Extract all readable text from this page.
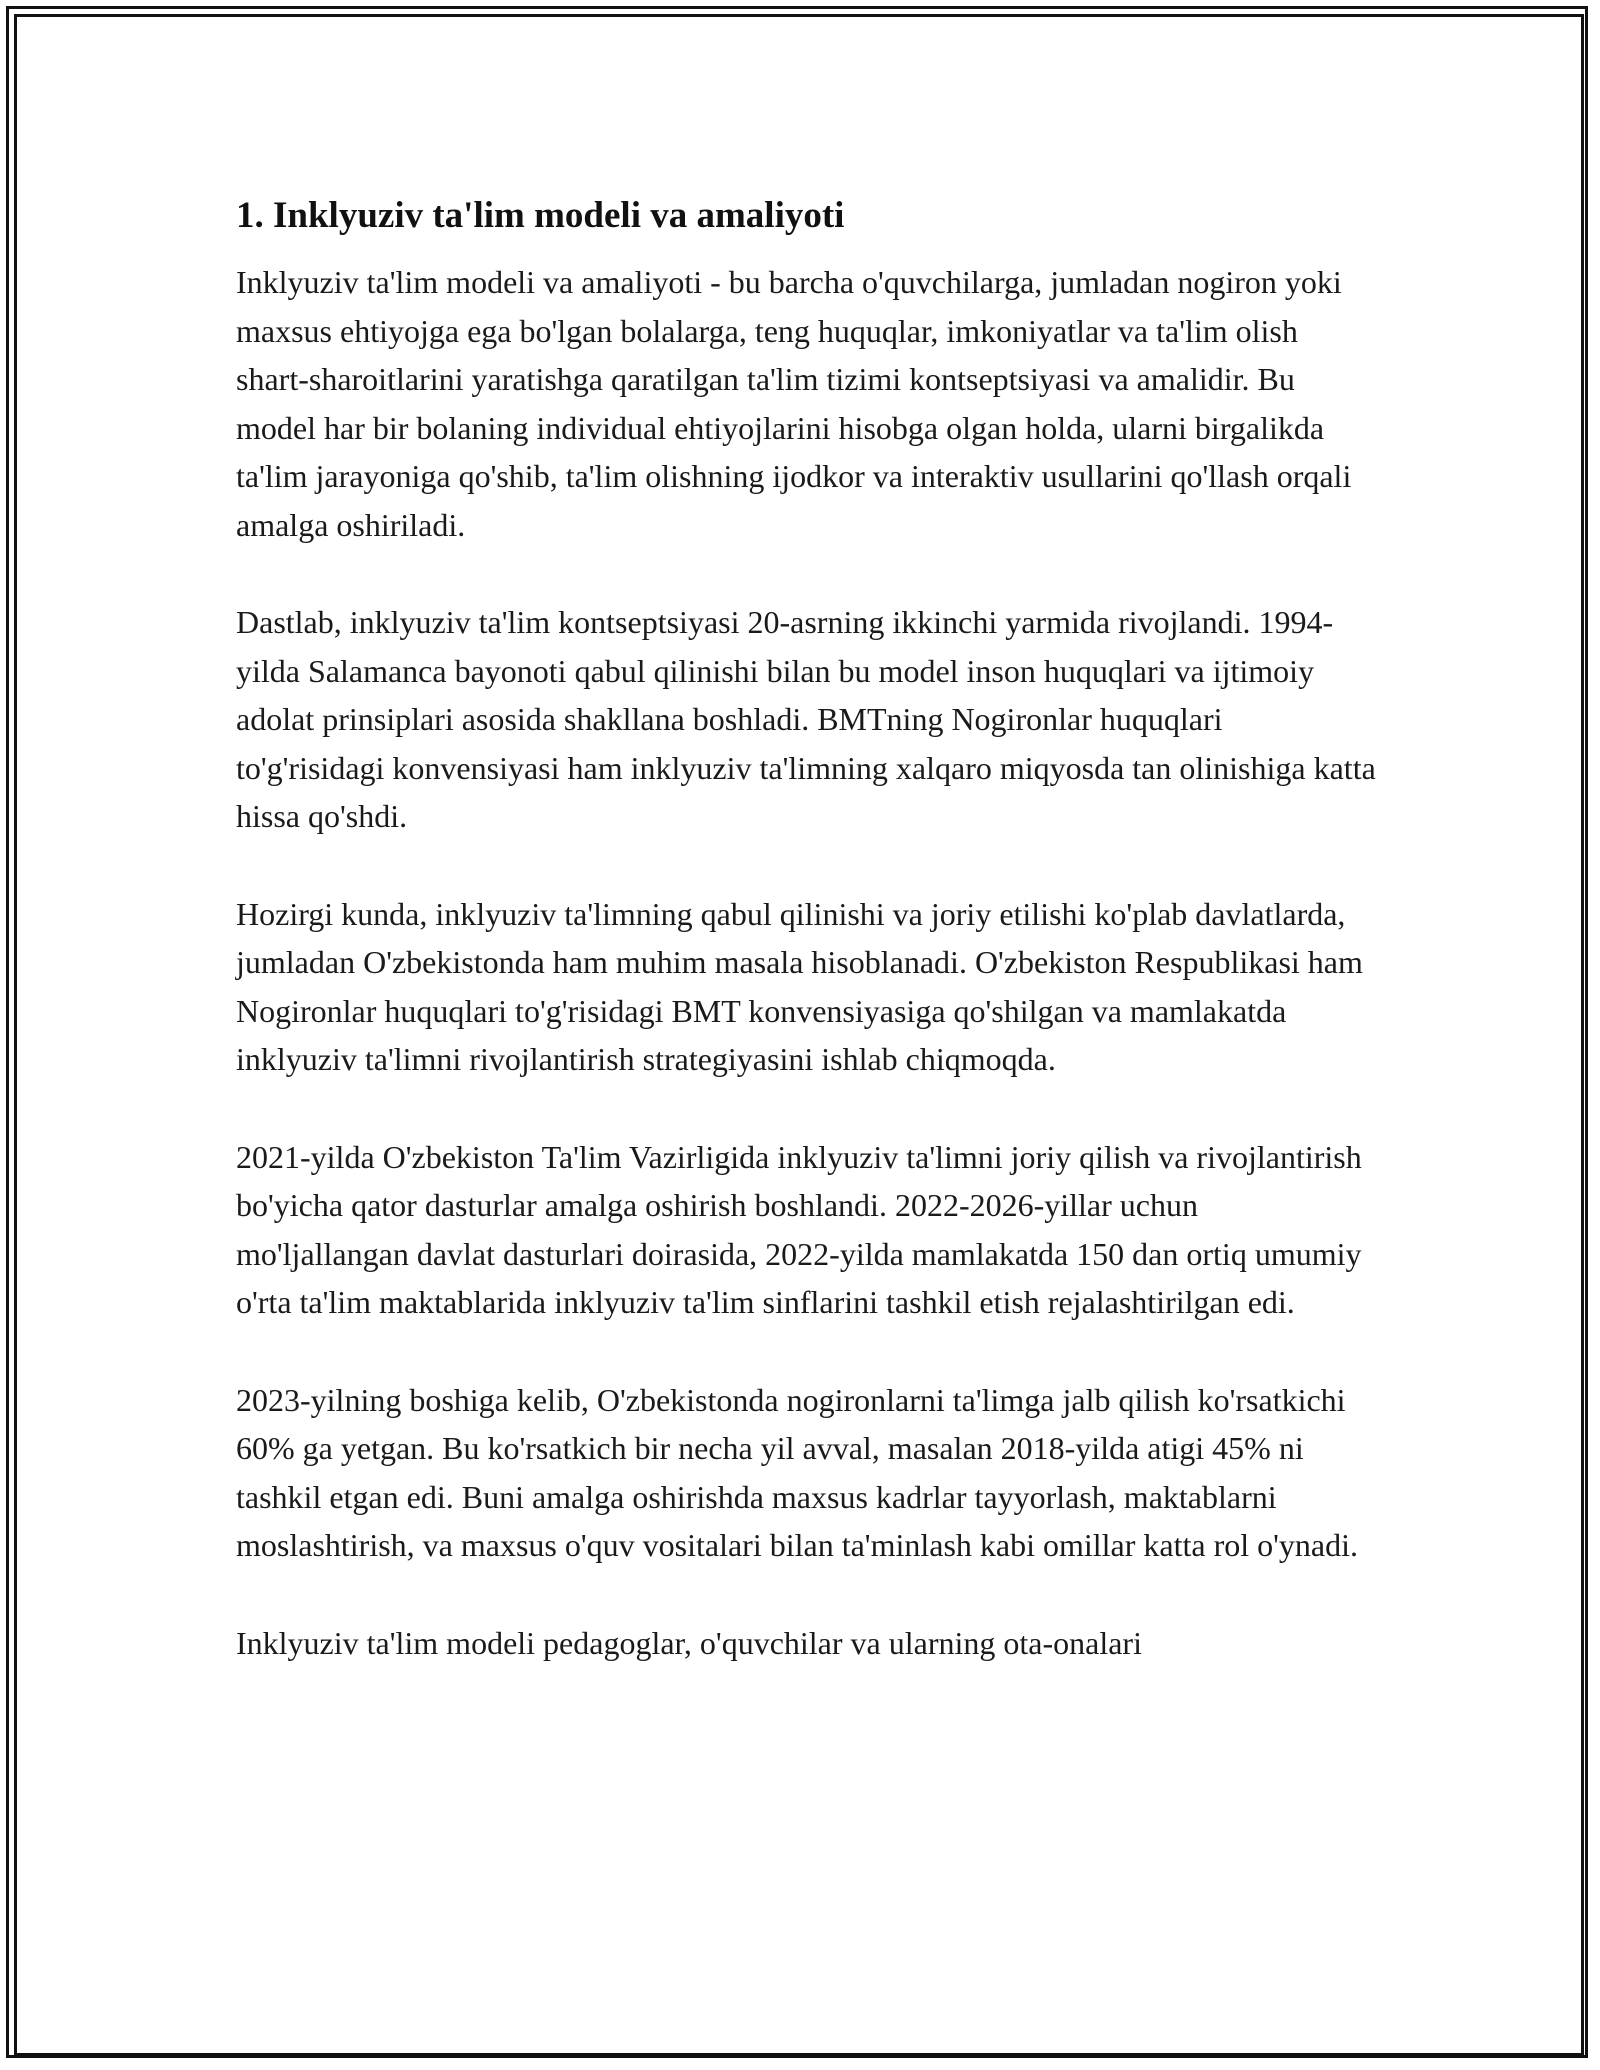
1. Inklyuziv ta'lim modeli va amaliyoti

Inklyuziv ta'lim modeli va amaliyoti - bu barcha o'quvchilarga, jumladan nogiron yoki maxsus ehtiyojga ega bo'lgan bolalarga, teng huquqlar, imkoniyatlar va ta'lim olish shart-sharoitlarini yaratishga qaratilgan ta'lim tizimi kontseptsiyasi va amalidir. Bu model har bir bolaning individual ehtiyojlarini hisobga olgan holda, ularni birgalikda ta'lim jarayoniga qo'shib, ta'lim olishning ijodkor va interaktiv usullarini qo'llash orqali amalga oshiriladi.

Dastlab, inklyuziv ta'lim kontseptsiyasi 20-asrning ikkinchi yarmida rivojlandi. 1994-yilda Salamanca bayonoti qabul qilinishi bilan bu model inson huquqlari va ijtimoiy adolat prinsiplari asosida shakllana boshladi. BMTning Nogironlar huquqlari to'g'risidagi konvensiyasi ham inklyuziv ta'limning xalqaro miqyosda tan olinishiga katta hissa qo'shdi.

Hozirgi kunda, inklyuziv ta'limning qabul qilinishi va joriy etilishi ko'plab davlatlarda, jumladan O'zbekistonda ham muhim masala hisoblanadi. O'zbekiston Respublikasi ham Nogironlar huquqlari to'g'risidagi BMT konvensiyasiga qo'shilgan va mamlakatda inklyuziv ta'limni rivojlantirish strategiyasini ishlab chiqmoqda.

2021-yilda O'zbekiston Ta'lim Vazirligida inklyuziv ta'limni joriy qilish va rivojlantirish bo'yicha qator dasturlar amalga oshirish boshlandi. 2022-2026-yillar uchun mo'ljallangan davlat dasturlari doirasida, 2022-yilda mamlakatda 150 dan ortiq umumiy o'rta ta'lim maktablarida inklyuziv ta'lim sinflarini tashkil etish rejalashtirilgan edi.

2023-yilning boshiga kelib, O'zbekistonda nogironlarni ta'limga jalb qilish ko'rsatkichi 60% ga yetgan. Bu ko'rsatkich bir necha yil avval, masalan 2018-yilda atigi 45% ni tashkil etgan edi. Buni amalga oshirishda maxsus kadrlar tayyorlash, maktablarni moslashtirish, va maxsus o'quv vositalari bilan ta'minlash kabi omillar katta rol o'ynadi.

Inklyuziv ta'lim modeli pedagoglar, o'quvchilar va ularning ota-onalari
